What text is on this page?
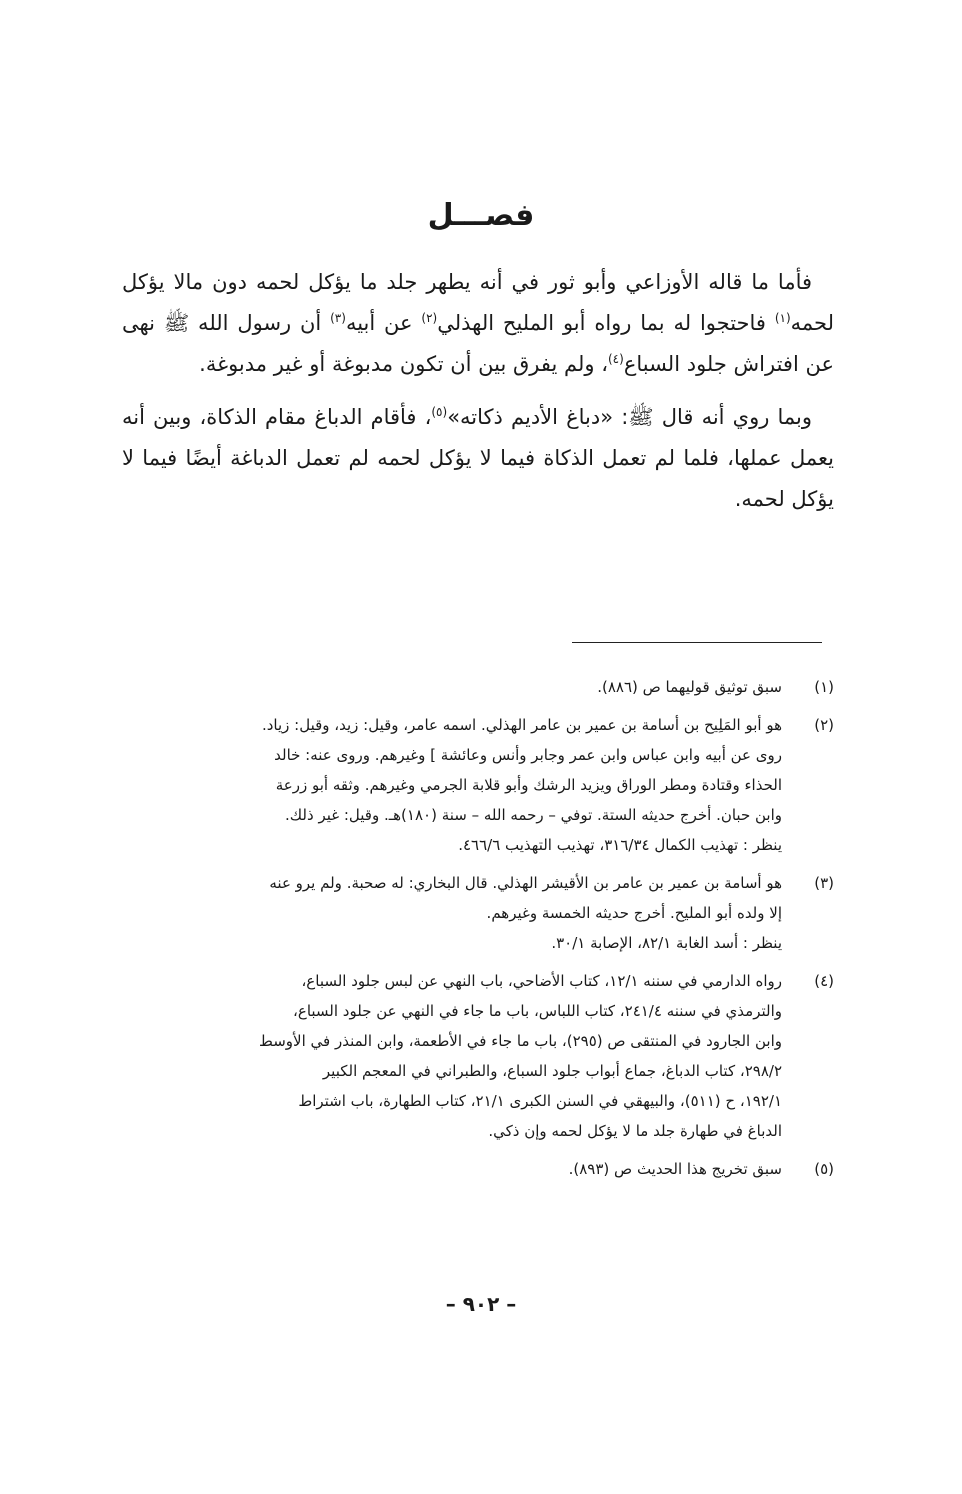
فصـــل

فأما ما قاله الأوزاعي وأبو ثور في أنه يطهر جلد ما يؤكل لحمه دون مالا يؤكل لحمه$^{(١)}$ فاحتجوا له بما رواه أبو المليح الهذلي$^{(٢)}$ عن أبيه$^{(٣)}$ أن رسول الله ﷺ نهى عن افتراش جلود السباع$^{(٤)}$، ولم يفرق بين أن تكون مدبوغة أو غير مدبوغة.

وبما روي أنه قال ﷺ: «دباغ الأديم ذكاته»$^{(٥)}$، فأقام الدباغ مقام الذكاة، وبين أنه يعمل عملها، فلما لم تعمل الذكاة فيما لا يؤكل لحمه لم تعمل الدباغة أيضًا فيما لا يؤكل لحمه.

(١)
سبق توثيق قوليهما ص (٨٨٦).
(٢)
هو أبو المَلِيح بن أسامة بن عمير بن عامر الهذلي. اسمه عامر، وقيل: زيد، وقيل: زياد.
روى عن أبيه وابن عباس وابن عمر وجابر وأنس وعائشة ] وغيرهم. وروى عنه: خالد
الحذاء وقتادة ومطر الوراق ويزيد الرشك وأبو قلابة الجرمي وغيرهم. وثقه أبو زرعة
وابن حبان. أخرج حديثه الستة. توفي – رحمه الله – سنة (١٨٠)هـ. وقيل: غير ذلك.
ينظر : تهذيب الكمال ٣١٦/٣٤، تهذيب التهذيب ٤٦٦/٦.
(٣)
هو أسامة بن عمير بن عامر بن الأقيشر الهذلي. قال البخاري: له صحبة. ولم يرو عنه
إلا ولده أبو المليح. أخرج حديثه الخمسة وغيرهم.
ينظر : أسد الغابة ٨٢/١، الإصابة ٣٠/١.
(٤)
رواه الدارمي في سننه ١٢/١، كتاب الأضاحي، باب النهي عن لبس جلود السباع،
والترمذي في سننه ٢٤١/٤، كتاب اللباس، باب ما جاء في النهي عن جلود السباع،
وابن الجارود في المنتقى ص (٢٩٥)، باب ما جاء في الأطعمة، وابن المنذر في الأوسط
٢٩٨/٢، كتاب الدباغ، جماع أبواب جلود السباع، والطبراني في المعجم الكبير
١٩٢/١، ح (٥١١)، والبيهقي في السنن الكبرى ٢١/١، كتاب الطهارة، باب اشتراط
الدباغ في طهارة جلد ما لا يؤكل لحمه وإن ذكي.
(٥)
سبق تخريج هذا الحديث ص (٨٩٣).
– ٩٠٢ –
